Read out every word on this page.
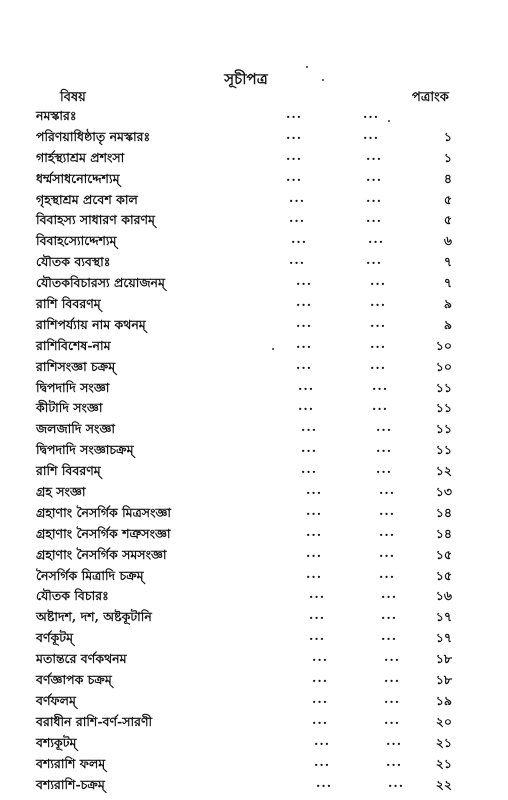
সূচীপত্র
বিষয়	পত্রাংক
নমস্কারঃ	...	...
পরিণয়াধিষ্ঠাতৃ নমস্কারঃ	...	...	১
গার্হস্থ্যাশ্রম প্রশংসা	...	...	১
ধর্ম্মসাধনোদ্দেশ্যম্	...	...	৪
গৃহস্থাশ্রম প্রবেশ কাল	...	...	৫
বিবাহস্য সাধারণ কারণম্	...	...	৫
বিবাহস্যোদ্দেশ্যম্	...	...	৬
যৌতক ব্যবস্থাঃ	...	...	৭
যৌতকবিচারস্য প্রয়োজনম্	...	...	৭
রাশি বিবরণম্	...	...	৯
রাশিপর্য্যায় নাম কথনম্	...	...	৯
রাশিবিশেষ-নাম	...	...	১০
রাশিসংজ্ঞা চক্রম্	...	...	১০
দ্বিপদাদি সংজ্ঞা	...	...	১১
কীটাদি সংজ্ঞা	...	...	১১
জলজাদি সংজ্ঞা	...	...	১১
দ্বিপদাদি সংজ্ঞাচক্রম্	...	...	১১
রাশি বিবরণম্	...	...	১২
গ্রহ সংজ্ঞা	...	...	১৩
গ্রহাণাং নৈসর্গিক মিত্রসংজ্ঞা	...	...	১৪
গ্রহাণাং নৈসর্গিক শত্রুসংজ্ঞা	...	...	১৪
গ্রহাণাং নৈসর্গিক সমসংজ্ঞা	...	...	১৫
নৈসর্গিক মিত্রাদি চক্রম্	...	...	১৫
যৌতক বিচারঃ	...	...	১৬
অষ্টাদশ, দশ, অষ্টকূটানি	...	...	১৭
বর্ণকূটম্	...	...	১৭
মতান্তরে বর্ণকথনম	...	...	১৮
বর্ণজ্ঞাপক চক্রম্	...	...	১৮
বর্ণফলম্	...	...	১৯
বরাধীন রাশি-বর্ণ-সারণী	...	...	২০
বশ্যকূটম্	...	...	২১
বশ্যরাশি ফলম্	...	...	২১
বশ্যরাশি-চক্রম্	...	...	২২
